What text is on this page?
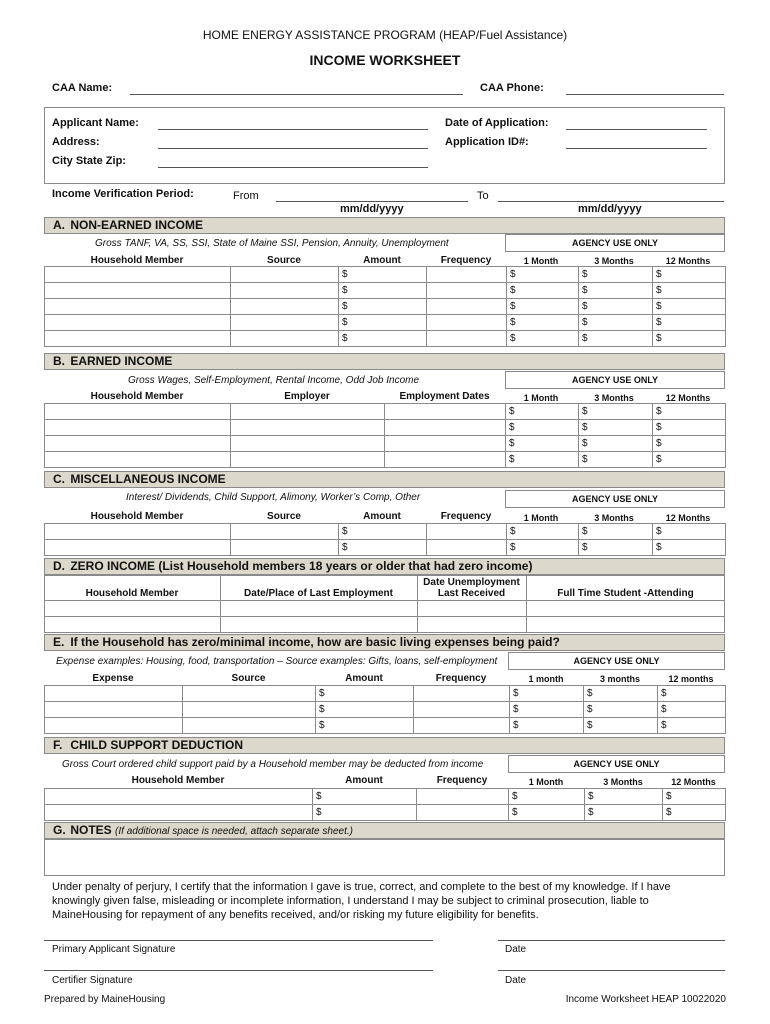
HOME ENERGY ASSISTANCE PROGRAM (HEAP/Fuel Assistance)
INCOME WORKSHEET
CAA Name:	CAA Phone:
Applicant Name:
Address:
City State Zip:
Date of Application:
Application ID#:
Income Verification Period:	From
mm/dd/yyyy
To
mm/dd/yyyy
A. NON-EARNED INCOME
Gross TANF, VA, SS, SSI, State of Maine SSI, Pension, Annuity, Unemployment	AGENCY USE ONLY
Household Member	Source	Amount	Frequency	1 Month	3 Months	12 Months
		$		$	$	$
		$		$	$	$
		$		$	$	$
		$		$	$	$
		$		$	$	$
B. EARNED INCOME
Gross Wages, Self-Employment, Rental Income, Odd Job Income	AGENCY USE ONLY
Household Member	Employer	Employment Dates	1 Month	3 Months	12 Months
			$	$	$
			$	$	$
			$	$	$
			$	$	$
C. MISCELLANEOUS INCOME
Interest/ Dividends, Child Support, Alimony, Worker’s Comp, Other	AGENCY USE ONLY
Household Member	Source	Amount	Frequency	1 Month	3 Months	12 Months
		$		$	$	$
		$		$	$	$
D. ZERO INCOME (List Household members 18 years or older that had zero income)
Household Member	Date/Place of Last Employment
Date Unemployment
Last Received	Full Time Student -Attending
E. If the Household has zero/minimal income, how are basic living expenses being paid?
Expense examples: Housing, food, transportation – Source examples: Gifts, loans, self-employment	AGENCY USE ONLY
Expense	Source	Amount	Frequency	1 month	3 months	12 months
		$		$	$	$
		$		$	$	$
		$		$	$	$
F. CHILD SUPPORT DEDUCTION
Gross Court ordered child support paid by a Household member may be deducted from income	AGENCY USE ONLY
Household Member	Amount	Frequency	1 Month	3 Months	12 Months
	$		$	$	$
	$		$	$	$
G. NOTES (If additional space is needed, attach separate sheet.)
Under penalty of perjury, I certify that the information I gave is true, correct, and complete to the best of my knowledge. If I have
knowingly given false, misleading or incomplete information, I understand I may be subject to criminal prosecution, liable to
MaineHousing for repayment of any benefits received, and/or risking my future eligibility for benefits.
Primary Applicant Signature	Date
Certifier Signature	Date
Prepared by MaineHousing	Income Worksheet HEAP 10022020
